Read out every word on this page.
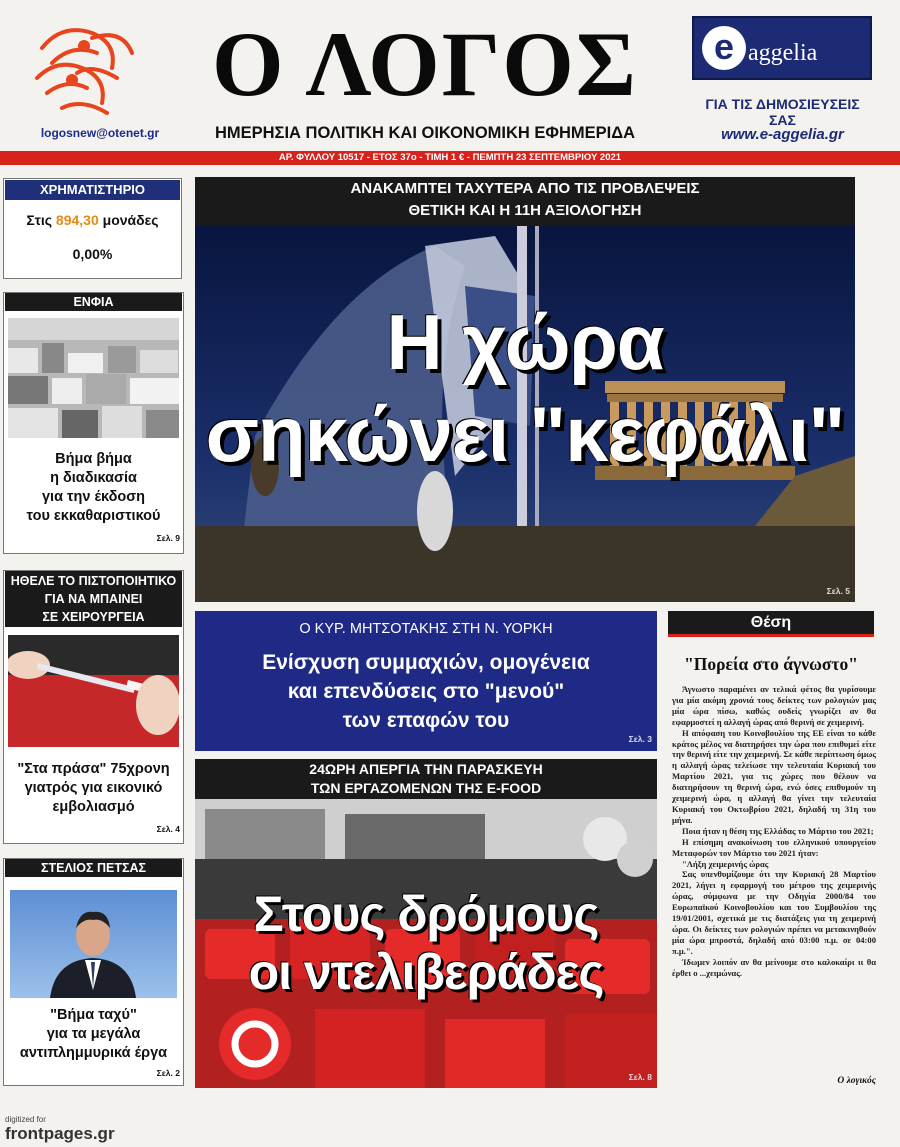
logosnew@otenet.gr
Ο ΛΟΓΟΣ
ΗΜΕΡΗΣΙΑ ΠΟΛΙΤΙΚΗ ΚΑΙ ΟΙΚΟΝΟΜΙΚΗ ΕΦΗΜΕΡΙΔΑ
e aggelia
ΓΙΑ ΤΙΣ ΔΗΜΟΣΙΕΥΣΕΙΣ ΣΑΣ
www.e-aggelia.gr
ΑΡ. ΦΥΛΛΟΥ 10517 - ΕΤΟΣ 37ο - ΤΙΜΗ 1 € - ΠΕΜΠΤΗ 23 ΣΕΠΤΕΜΒΡΙΟΥ 2021
ΧΡΗΜΑΤΙΣΤΗΡΙΟ
Στις 894,30 μονάδες
0,00%
ΕΝΦΙΑ
Βήμα βήμα
η διαδικασία
για την έκδοση
του εκκαθαριστικού
Σελ. 9
ΗΘΕΛΕ ΤΟ ΠΙΣΤΟΠΟΙΗΤΙΚΟ
ΓΙΑ ΝΑ ΜΠΑΙΝΕΙ
ΣΕ ΧΕΙΡΟΥΡΓΕΙΑ
"Στα πράσα" 75χρονη
γιατρός για εικονικό
εμβολιασμό
Σελ. 4
ΣΤΕΛΙΟΣ ΠΕΤΣΑΣ
"Βήμα ταχύ"
για τα μεγάλα
αντιπλημμυρικά έργα
Σελ. 2
ΑΝΑΚΑΜΠΤΕΙ ΤΑΧΥΤΕΡΑ ΑΠΟ ΤΙΣ ΠΡΟΒΛΕΨΕΙΣ
ΘΕΤΙΚΗ ΚΑΙ Η 11Η ΑΞΙΟΛΟΓΗΣΗ
Η χώρα
σηκώνει "κεφάλι"
Σελ. 5
Ο ΚΥΡ. ΜΗΤΣΟΤΑΚΗΣ ΣΤΗ Ν. ΥΟΡΚΗ
Ενίσχυση συμμαχιών, ομογένεια
και επενδύσεις στο "μενού"
των επαφών του
Σελ. 3
24ΩΡΗ ΑΠΕΡΓΙΑ ΤΗΝ ΠΑΡΑΣΚΕΥΗ
ΤΩΝ ΕΡΓΑΖΟΜΕΝΩΝ ΤΗΣ E-FOOD
Στους δρόμους
οι ντελιβεράδες
Σελ. 8
Θέση
"Πορεία στο άγνωστο"

Άγνωστο παραμένει αν τελικά φέτος θα γυρίσουμε για μία ακόμη χρονιά τους δείκτες των ρολογιών μας μία ώρα πίσω, καθώς ουδείς γνωρίζει αν θα εφαρμοστεί η αλλαγή ώρας από θερινή σε χειμερινή.

Η απόφαση του Κοινοβουλίου της ΕΕ είναι το κάθε κράτος μέλος να διατηρήσει την ώρα που επιθυμεί είτε την θερινή είτε την χειμερινή. Σε κάθε περίπτωση όμως η αλλαγή ώρας τελείωσε την τελευταία Κυριακή του Μαρτίου 2021, για τις χώρες που θέλουν να διατηρήσουν τη θερινή ώρα, ενώ όσες επιθυμούν τη χειμερινή ώρα, η αλλαγή θα γίνει την τελευταία Κυριακή του Οκτωβρίου 2021, δηλαδή τη 31η του μήνα.

Ποια ήταν η θέση της Ελλάδας το Μάρτιο του 2021;

Η επίσημη ανακοίνωση του ελληνικού υπουργείου Μεταφορών τον Μάρτιο του 2021 ήταν:

"Λήξη χειμερινής ώρας

Σας υπενθυμίζουμε ότι την Κυριακή 28 Μαρτίου 2021, λήγει η εφαρμογή του μέτρου της χειμερινής ώρας, σύμφωνα με την Οδηγία 2000/84 του Ευρωπαϊκού Κοινοβουλίου και του Συμβουλίου της 19/01/2001, σχετικά με τις διατάξεις για τη χειμερινή ώρα. Οι δείκτες των ρολογιών πρέπει να μετακινηθούν μία ώρα μπροστά, δηλαδή από 03:00 π.μ. σε 04:00 π.μ.".

Ίδωμεν λοιπόν αν θα μείνουμε στο καλοκαίρι ιι θα έρθει ο ...χειμώνας.

Ο λογικός
digitized for
frontpages.gr
